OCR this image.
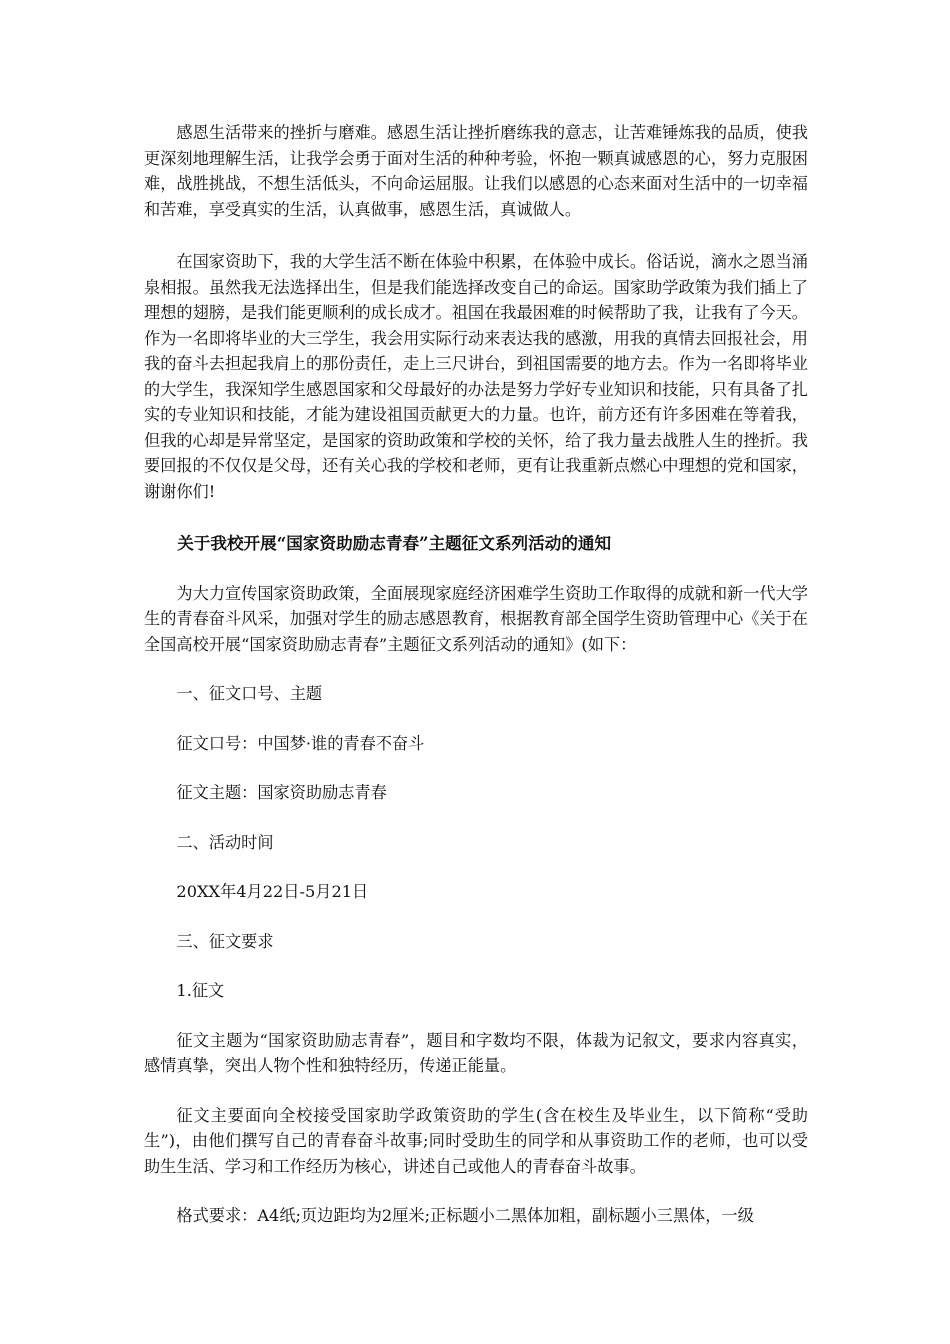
感恩生活带来的挫折与磨难。感恩生活让挫折磨练我的意志，让苦难锤炼我的品质，使我更深刻地理解生活，让我学会勇于面对生活的种种考验，怀抱一颗真诚感恩的心，努力克服困难，战胜挑战，不想生活低头，不向命运屈服。让我们以感恩的心态来面对生活中的一切幸福和苦难，享受真实的生活，认真做事，感恩生活，真诚做人。

在国家资助下，我的大学生活不断在体验中积累，在体验中成长。俗话说，滴水之恩当涌泉相报。虽然我无法选择出生，但是我们能选择改变自己的命运。国家助学政策为我们插上了理想的翅膀，是我们能更顺利的成长成才。祖国在我最困难的时候帮助了我，让我有了今天。作为一名即将毕业的大三学生，我会用实际行动来表达我的感激，用我的真情去回报社会，用我的奋斗去担起我肩上的那份责任，走上三尺讲台，到祖国需要的地方去。作为一名即将毕业的大学生，我深知学生感恩国家和父母最好的办法是努力学好专业知识和技能，只有具备了扎实的专业知识和技能，才能为建设祖国贡献更大的力量。也许，前方还有许多困难在等着我，但我的心却是异常坚定，是国家的资助政策和学校的关怀，给了我力量去战胜人生的挫折。我要回报的不仅仅是父母，还有关心我的学校和老师，更有让我重新点燃心中理想的党和国家，谢谢你们!

关于我校开展“国家资助励志青春”主题征文系列活动的通知

为大力宣传国家资助政策，全面展现家庭经济困难学生资助工作取得的成就和新一代大学生的青春奋斗风采，加强对学生的励志感恩教育，根据教育部全国学生资助管理中心《关于在全国高校开展“国家资助励志青春”主题征文系列活动的通知》(如下：

一、征文口号、主题

征文口号：中国梦·谁的青春不奋斗

征文主题：国家资助励志青春

二、活动时间

20XX年4月22日-5月21日

三、征文要求

1.征文

征文主题为“国家资助励志青春”，题目和字数均不限，体裁为记叙文，要求内容真实，感情真挚，突出人物个性和独特经历，传递正能量。

征文主要面向全校接受国家助学政策资助的学生(含在校生及毕业生，以下简称“受助生”)，由他们撰写自己的青春奋斗故事;同时受助生的同学和从事资助工作的老师，也可以受助生生活、学习和工作经历为核心，讲述自己或他人的青春奋斗故事。

格式要求：A4纸;页边距均为2厘米;正标题小二黑体加粗，副标题小三黑体，一级
